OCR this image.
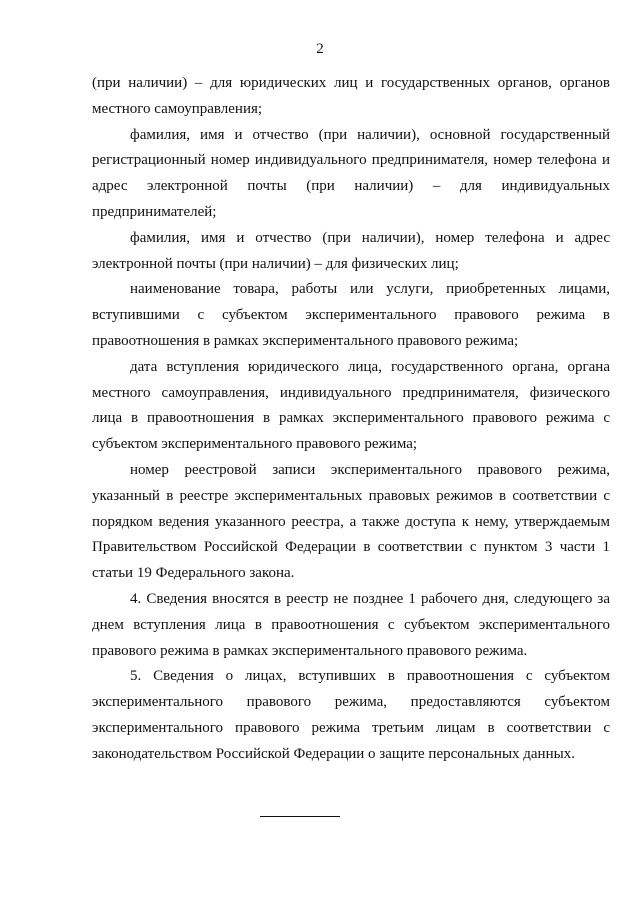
2

(при наличии) – для юридических лиц и государственных органов, органов местного самоуправления;

фамилия, имя и отчество (при наличии), основной государственный регистрационный номер индивидуального предпринимателя, номер телефона и адрес электронной почты (при наличии) – для индивидуальных предпринимателей;

фамилия, имя и отчество (при наличии), номер телефона и адрес электронной почты (при наличии) – для физических лиц;

наименование товара, работы или услуги, приобретенных лицами, вступившими с субъектом экспериментального правового режима в правоотношения в рамках экспериментального правового режима;

дата вступления юридического лица, государственного органа, органа местного самоуправления, индивидуального предпринимателя, физического лица в правоотношения в рамках экспериментального правового режима с субъектом экспериментального правового режима;

номер реестровой записи экспериментального правового режима, указанный в реестре экспериментальных правовых режимов в соответствии с порядком ведения указанного реестра, а также доступа к нему, утверждаемым Правительством Российской Федерации в соответствии с пунктом 3 части 1 статьи 19 Федерального закона.

4. Сведения вносятся в реестр не позднее 1 рабочего дня, следующего за днем вступления лица в правоотношения с субъектом экспериментального правового режима в рамках экспериментального правового режима.

5. Сведения о лицах, вступивших в правоотношения с субъектом экспериментального правового режима, предоставляются субъектом экспериментального правового режима третьим лицам в соответствии с законодательством Российской Федерации о защите персональных данных.
